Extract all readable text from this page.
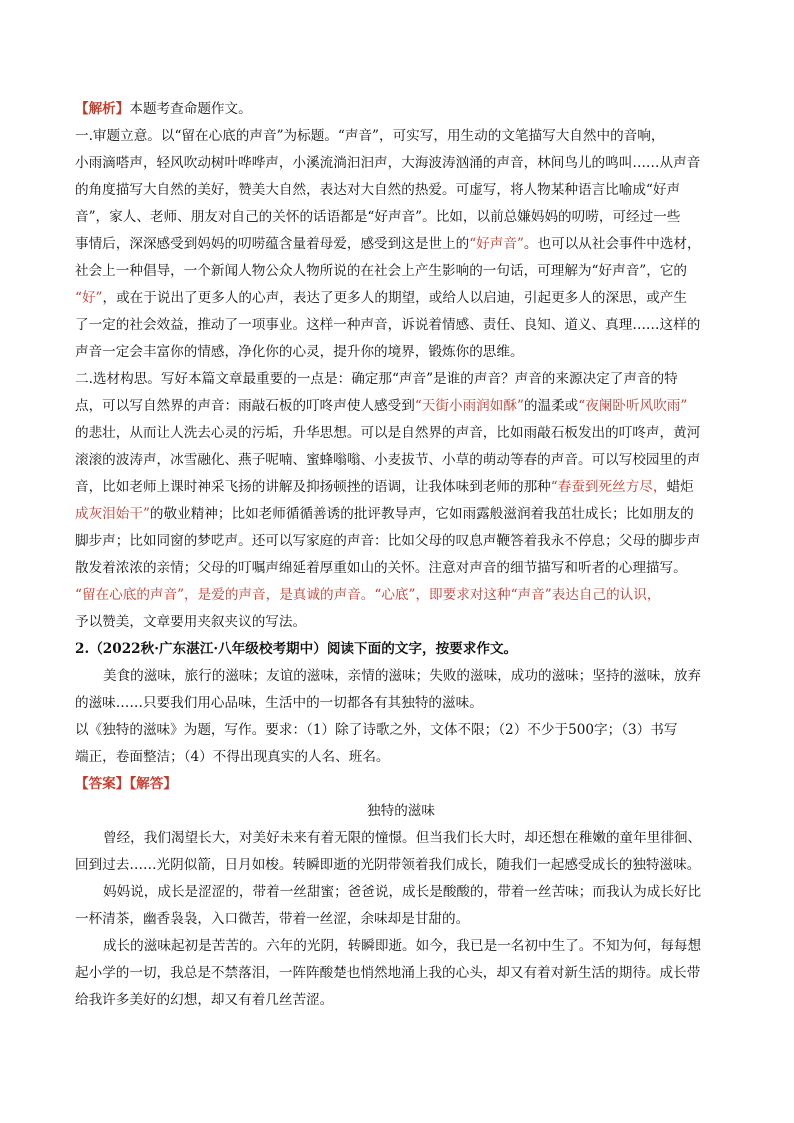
【解析】本题考查命题作文。
一.审题立意。以“留在心底的声音”为标题。“声音”，可实写，用生动的文笔描写大自然中的音响，
小雨滴嗒声，轻风吹动树叶哗哗声，小溪流淌汩汩声，大海波涛汹涌的声音，林间鸟儿的鸣叫……从声音
的角度描写大自然的美好，赞美大自然，表达对大自然的热爱。可虚写，将人物某种语言比喻成“好声
音”，家人、老师、朋友对自己的关怀的话语都是“好声音”。比如，以前总嫌妈妈的叨唠，可经过一些
事情后，深深感受到妈妈的叨唠蕴含量着母爱，感受到这是世上的“好声音”。也可以从社会事件中选材，
社会上一种倡导，一个新闻人物公众人物所说的在社会上产生影响的一句话，可理解为“好声音”，它的
“好”，或在于说出了更多人的心声，表达了更多人的期望，或给人以启迪，引起更多人的深思，或产生
了一定的社会效益，推动了一项事业。这样一种声音，诉说着情感、责任、良知、道义、真理……这样的
声音一定会丰富你的情感，净化你的心灵，提升你的境界，锻炼你的思维。
二.选材构思。写好本篇文章最重要的一点是：确定那“声音”是谁的声音？声音的来源决定了声音的特
点，可以写自然界的声音：雨敲石板的叮咚声使人感受到“天街小雨润如酥”的温柔或“夜阑卧听风吹雨”
的悲壮，从而让人洗去心灵的污垢，升华思想。可以是自然界的声音，比如雨敲石板发出的叮咚声，黄河
滚滚的波涛声，冰雪融化、燕子呢喃、蜜蜂嗡嗡、小麦拔节、小草的萌动等春的声音。可以写校园里的声
音，比如老师上课时神采飞扬的讲解及抑扬顿挫的语调，让我体味到老师的那种“春蚕到死丝方尽，蜡炬
成灰泪始干”的敬业精神；比如老师循循善诱的批评教导声，它如雨露般滋润着我茁壮成长；比如朋友的
脚步声；比如同窗的梦呓声。还可以写家庭的声音：比如父母的叹息声鞭答着我永不停息；父母的脚步声
散发着浓浓的亲情；父母的叮嘱声绵延着厚重如山的关怀。注意对声音的细节描写和听者的心理描写。
“留在心底的声音”，是爱的声音，是真诚的声音。“心底”，即要求对这种“声音”表达自己的认识，
予以赞美，文章要用夹叙夹议的写法。
2.（2022秋·广东湛江·八年级校考期中）阅读下面的文字，按要求作文。
美食的滋味，旅行的滋味；友谊的滋味，亲情的滋味；失败的滋味，成功的滋味；坚持的滋味，放弃
的滋味……只要我们用心品味，生活中的一切都各有其独特的滋味。
以《独特的滋味》为题，写作。要求：（1）除了诗歌之外，文体不限；（2）不少于500字；（3）书写
端正，卷面整洁；（4）不得出现真实的人名、班名。
【答案】【解答】
独特的滋味
曾经，我们渴望长大，对美好未来有着无限的憧憬。但当我们长大时，却还想在稚嫩的童年里徘徊、
回到过去……光阴似箭，日月如梭。转瞬即逝的光阴带领着我们成长，随我们一起感受成长的独特滋味。
妈妈说，成长是涩涩的，带着一丝甜蜜；爸爸说，成长是酸酸的，带着一丝苦味；而我认为成长好比
一杯清茶，幽香袅袅，入口微苦，带着一丝涩，余味却是甘甜的。
成长的滋味起初是苦苦的。六年的光阴，转瞬即逝。如今，我已是一名初中生了。不知为何，每每想
起小学的一切，我总是不禁落泪，一阵阵酸楚也悄然地涌上我的心头，却又有着对新生活的期待。成长带
给我许多美好的幻想，却又有着几丝苦涩。
